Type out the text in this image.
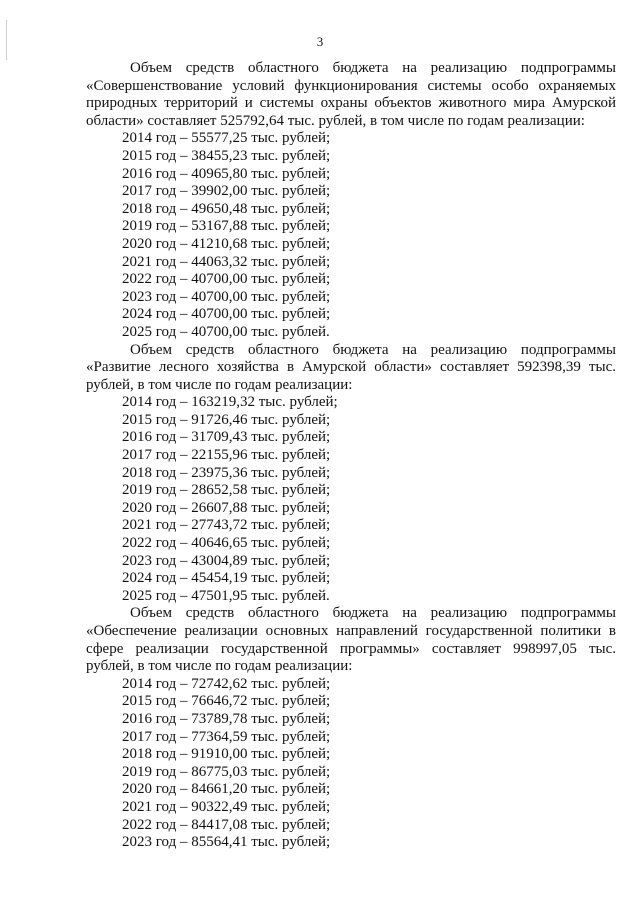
3

Объем средств областного бюджета на реализацию подпрограммы «Совершенствование условий функционирования системы особо охраняемых природных территорий и системы охраны объектов животного мира Амурской области» составляет 525792,64 тыс. рублей, в том числе по годам реализации:

2014 год – 55577,25 тыс. рублей;
2015 год – 38455,23 тыс. рублей;
2016 год – 40965,80 тыс. рублей;
2017 год – 39902,00 тыс. рублей;
2018 год – 49650,48 тыс. рублей;
2019 год – 53167,88 тыс. рублей;
2020 год – 41210,68 тыс. рублей;
2021 год – 44063,32 тыс. рублей;
2022 год – 40700,00 тыс. рублей;
2023 год – 40700,00 тыс. рублей;
2024 год – 40700,00 тыс. рублей;
2025 год – 40700,00 тыс. рублей.

Объем средств областного бюджета на реализацию подпрограммы «Развитие лесного хозяйства в Амурской области» составляет 592398,39 тыс. рублей, в том числе по годам реализации:

2014 год – 163219,32 тыс. рублей;
2015 год – 91726,46 тыс. рублей;
2016 год – 31709,43 тыс. рублей;
2017 год – 22155,96 тыс. рублей;
2018 год – 23975,36 тыс. рублей;
2019 год – 28652,58 тыс. рублей;
2020 год – 26607,88 тыс. рублей;
2021 год – 27743,72 тыс. рублей;
2022 год – 40646,65 тыс. рублей;
2023 год – 43004,89 тыс. рублей;
2024 год – 45454,19 тыс. рублей;
2025 год – 47501,95 тыс. рублей.

Объем средств областного бюджета на реализацию подпрограммы «Обеспечение реализации основных направлений государственной политики в сфере реализации государственной программы» составляет 998997,05 тыс. рублей, в том числе по годам реализации:

2014 год – 72742,62 тыс. рублей;
2015 год – 76646,72 тыс. рублей;
2016 год – 73789,78 тыс. рублей;
2017 год – 77364,59 тыс. рублей;
2018 год – 91910,00 тыс. рублей;
2019 год – 86775,03 тыс. рублей;
2020 год – 84661,20 тыс. рублей;
2021 год – 90322,49 тыс. рублей;
2022 год – 84417,08 тыс. рублей;
2023 год – 85564,41 тыс. рублей;
